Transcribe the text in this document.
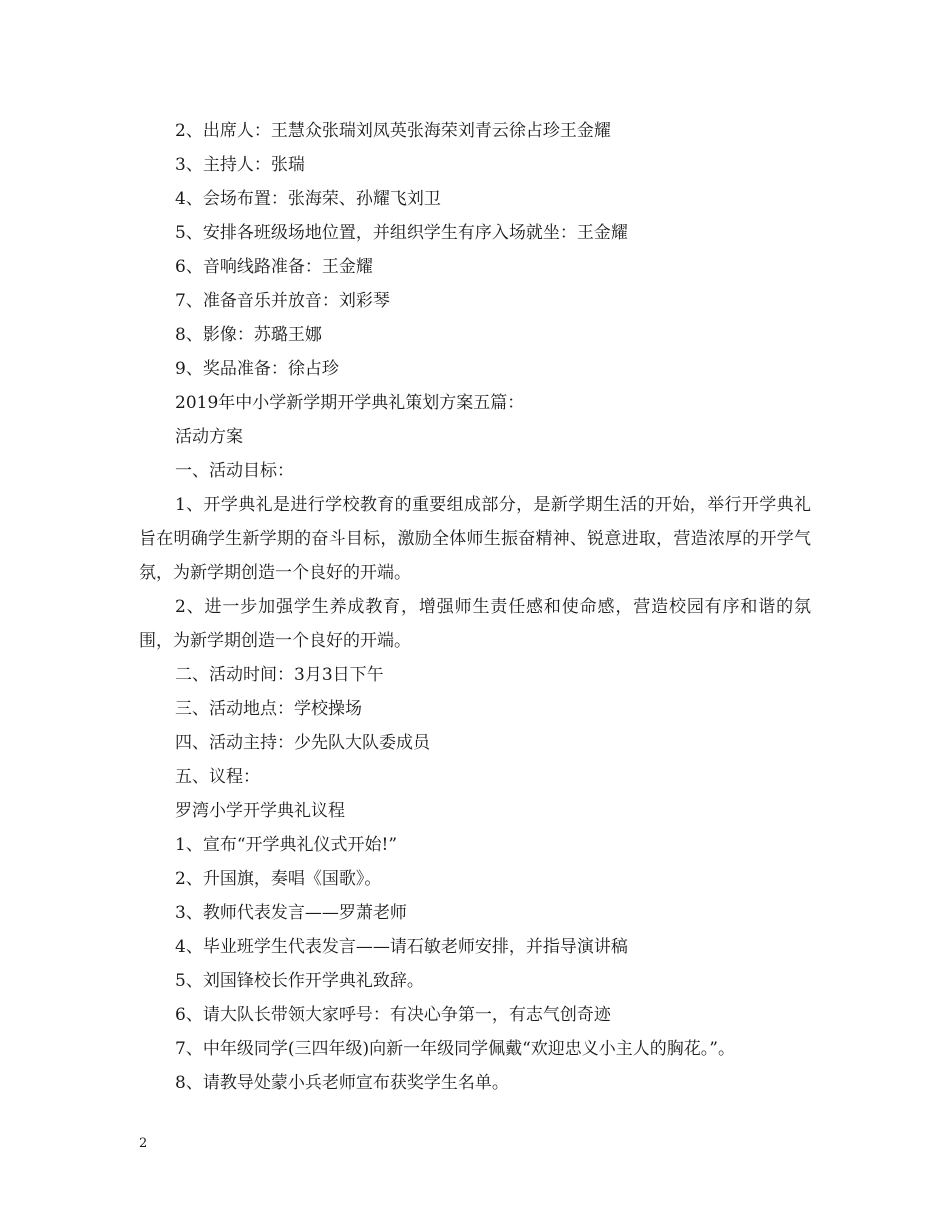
2、出席人：王慧众张瑞刘凤英张海荣刘青云徐占珍王金耀
3、主持人：张瑞
4、会场布置：张海荣、孙耀飞刘卫
5、安排各班级场地位置，并组织学生有序入场就坐：王金耀
6、音响线路准备：王金耀
7、准备音乐并放音：刘彩琴
8、影像：苏璐王娜
9、奖品准备：徐占珍
2019年中小学新学期开学典礼策划方案五篇：
活动方案
一、活动目标：
1、开学典礼是进行学校教育的重要组成部分，是新学期生活的开始，举行开学典礼旨在明确学生新学期的奋斗目标，激励全体师生振奋精神、锐意进取，营造浓厚的开学气氛，为新学期创造一个良好的开端。
2、进一步加强学生养成教育，增强师生责任感和使命感，营造校园有序和谐的氛围，为新学期创造一个良好的开端。
二、活动时间：3月3日下午
三、活动地点：学校操场
四、活动主持：少先队大队委成员
五、议程：
罗湾小学开学典礼议程
1、宣布“开学典礼仪式开始!”
2、升国旗，奏唱《国歌》。
3、教师代表发言——罗萧老师
4、毕业班学生代表发言——请石敏老师安排，并指导演讲稿
5、刘国锋校长作开学典礼致辞。
6、请大队长带领大家呼号：有决心争第一，有志气创奇迹
7、中年级同学(三四年级)向新一年级同学佩戴“欢迎忠义小主人的胸花。”。
8、请教导处蒙小兵老师宣布获奖学生名单。
2
